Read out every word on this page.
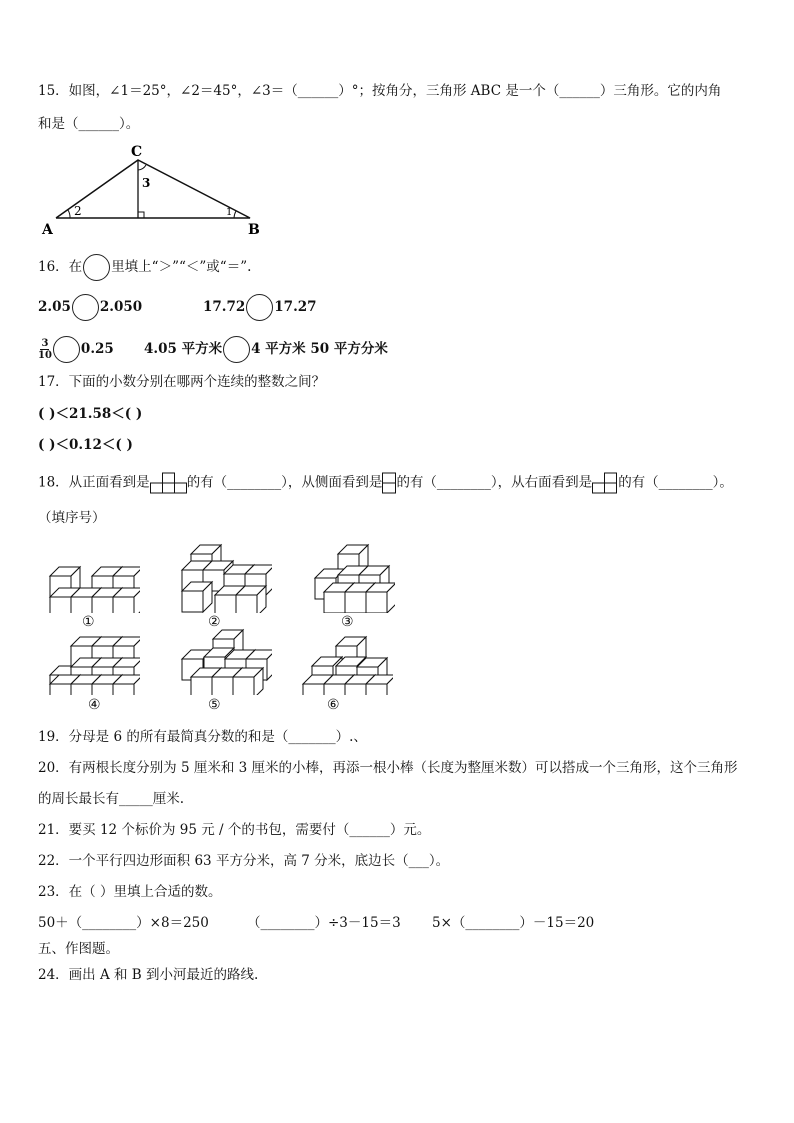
15．如图，∠1＝25°，∠2＝45°，∠3＝（______）°；按角分，三角形 ABC 是一个（______）三角形。它的内角
和是（______）。
C
A	B
2
3
1
16．在 里填上“＞”“＜”或“＝”.
2.05 2.050	17.72 17.27
$\frac{3}{10} 0.25$ 4.05 平方米 4 平方米 50 平方分米
17．下面的小数分别在哪两个连续的整数之间？
( )＜21.58＜( )
( )＜0.12＜( )
18．从正面看到是	的有（________），从侧面看到是 的有（________），从右面看到是 的有（________）。
（填序号）
①	②	③
④	⑤	⑥
19．分母是 6 的所有最简真分数的和是（_______）.、
20．有两根长度分别为 5 厘米和 3 厘米的小棒，再添一根小棒（长度为整厘米数）可以搭成一个三角形，这个三角形
的周长最长有_____厘米.
21．要买 12 个标价为 95 元 / 个的书包，需要付（______）元。
22．一个平行四边形面积 63 平方分米，高 7 分米，底边长（___）。
23．在（ ）里填上合适的数。
50＋（________）×8＝250	（________）÷3－15＝3 5×（________）－15＝20
五、作图题。
24．画出 A 和 B 到小河最近的路线.
